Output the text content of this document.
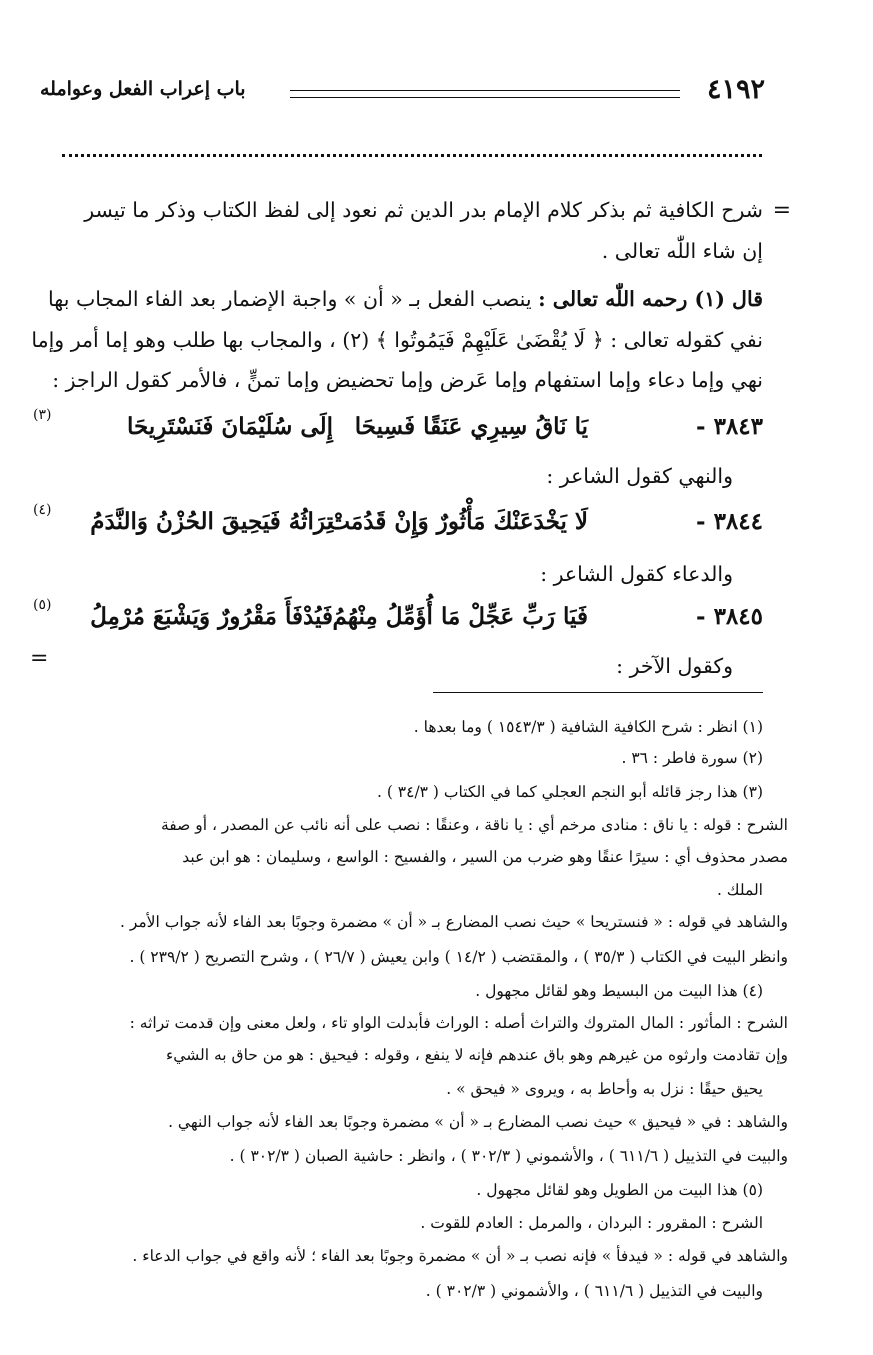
٤١٩٢
باب إعراب الفعل وعوامله
=
شرح الكافية ثم بذكر كلام الإمام بدر الدين ثم نعود إلى لفظ الكتاب وذكر ما تيسر
إن شاء اللّٰه تعالى .
قال (١) رحمه اللّٰه تعالى : ينصب الفعل بـ « أن » واجبة الإضمار بعد الفاء المجاب بها
نفي كقوله تعالى : ﴿ لَا يُقْضَىٰ عَلَيْهِمْ فَيَمُوتُوا ﴾ (٢) ، والمجاب بها طلب وهو إما أمر وإما
نهي وإما دعاء وإما استفهام وإما عَرض وإما تحضيض وإما تمنٍّ ، فالأمر كقول الراجز :
٣٨٤٣ -
يَا نَاقُ سِيرِي عَنَقًا فَسِيحَا
إِلَى سُلَيْمَانَ فَنَسْتَرِيحَا
(٣)
والنهي كقول الشاعر :
٣٨٤٤ -
لَا يَخْدَعَنْكَ مَأْثُورٌ وَإِنْ قَدُمَتْ
تِرَاثُهُ فَيَحِيقَ الحُزْنُ وَالنَّدَمُ
(٤)
والدعاء كقول الشاعر :
٣٨٤٥ -
فَيَا رَبِّ عَجِّلْ مَا أُؤَمِّلُ مِنْهُمُ
فَيُدْفَأَ مَقْرُورٌ وَيَشْبَعَ مُرْمِلُ
(٥)
=	وكقول الآخر :
(١) انظر : شرح الكافية الشافية ( ١٥٤٣/٣ ) وما بعدها .
(٢) سورة فاطر : ٣٦ .
(٣) هذا رجز قائله أبو النجم العجلي كما في الكتاب ( ٣٤/٣ ) .
الشرح : قوله : يا ناق : منادى مرخم أي : يا ناقة ، وعنقًا : نصب على أنه نائب عن المصدر ، أو صفة
مصدر محذوف أي : سيرًا عنقًا وهو ضرب من السير ، والفسيح : الواسع ، وسليمان : هو ابن عبد
الملك .
والشاهد في قوله : « فنستريحا » حيث نصب المضارع بـ « أن » مضمرة وجوبًا بعد الفاء لأنه جواب الأمر .
وانظر البيت في الكتاب ( ٣٥/٣ ) ، والمقتضب ( ١٤/٢ ) وابن يعيش ( ٢٦/٧ ) ، وشرح التصريح ( ٢٣٩/٢ ) .
(٤) هذا البيت من البسيط وهو لقائل مجهول .
الشرح : المأثور : المال المتروك والتراث أصله : الوراث فأبدلت الواو تاء ، ولعل معنى وإن قدمت تراثه :
وإن تقادمت وارثوه من غيرهم وهو باق عندهم فإنه لا ينفع ، وقوله : فيحيق : هو من حاق به الشيء
يحيق حيقًا : نزل به وأحاط به ، ويروى « فيحق » .
والشاهد : في « فيحيق » حيث نصب المضارع بـ « أن » مضمرة وجوبًا بعد الفاء لأنه جواب النهي .
والبيت في التذييل ( ٦١١/٦ ) ، والأشموني ( ٣٠٢/٣ ) ، وانظر : حاشية الصبان ( ٣٠٢/٣ ) .
(٥) هذا البيت من الطويل وهو لقائل مجهول .
الشرح : المقرور : البردان ، والمرمل : العادم للقوت .
والشاهد في قوله : « فيدفأ » فإنه نصب بـ « أن » مضمرة وجوبًا بعد الفاء ؛ لأنه واقع في جواب الدعاء .
والبيت في التذييل ( ٦١١/٦ ) ، والأشموني ( ٣٠٢/٣ ) .
